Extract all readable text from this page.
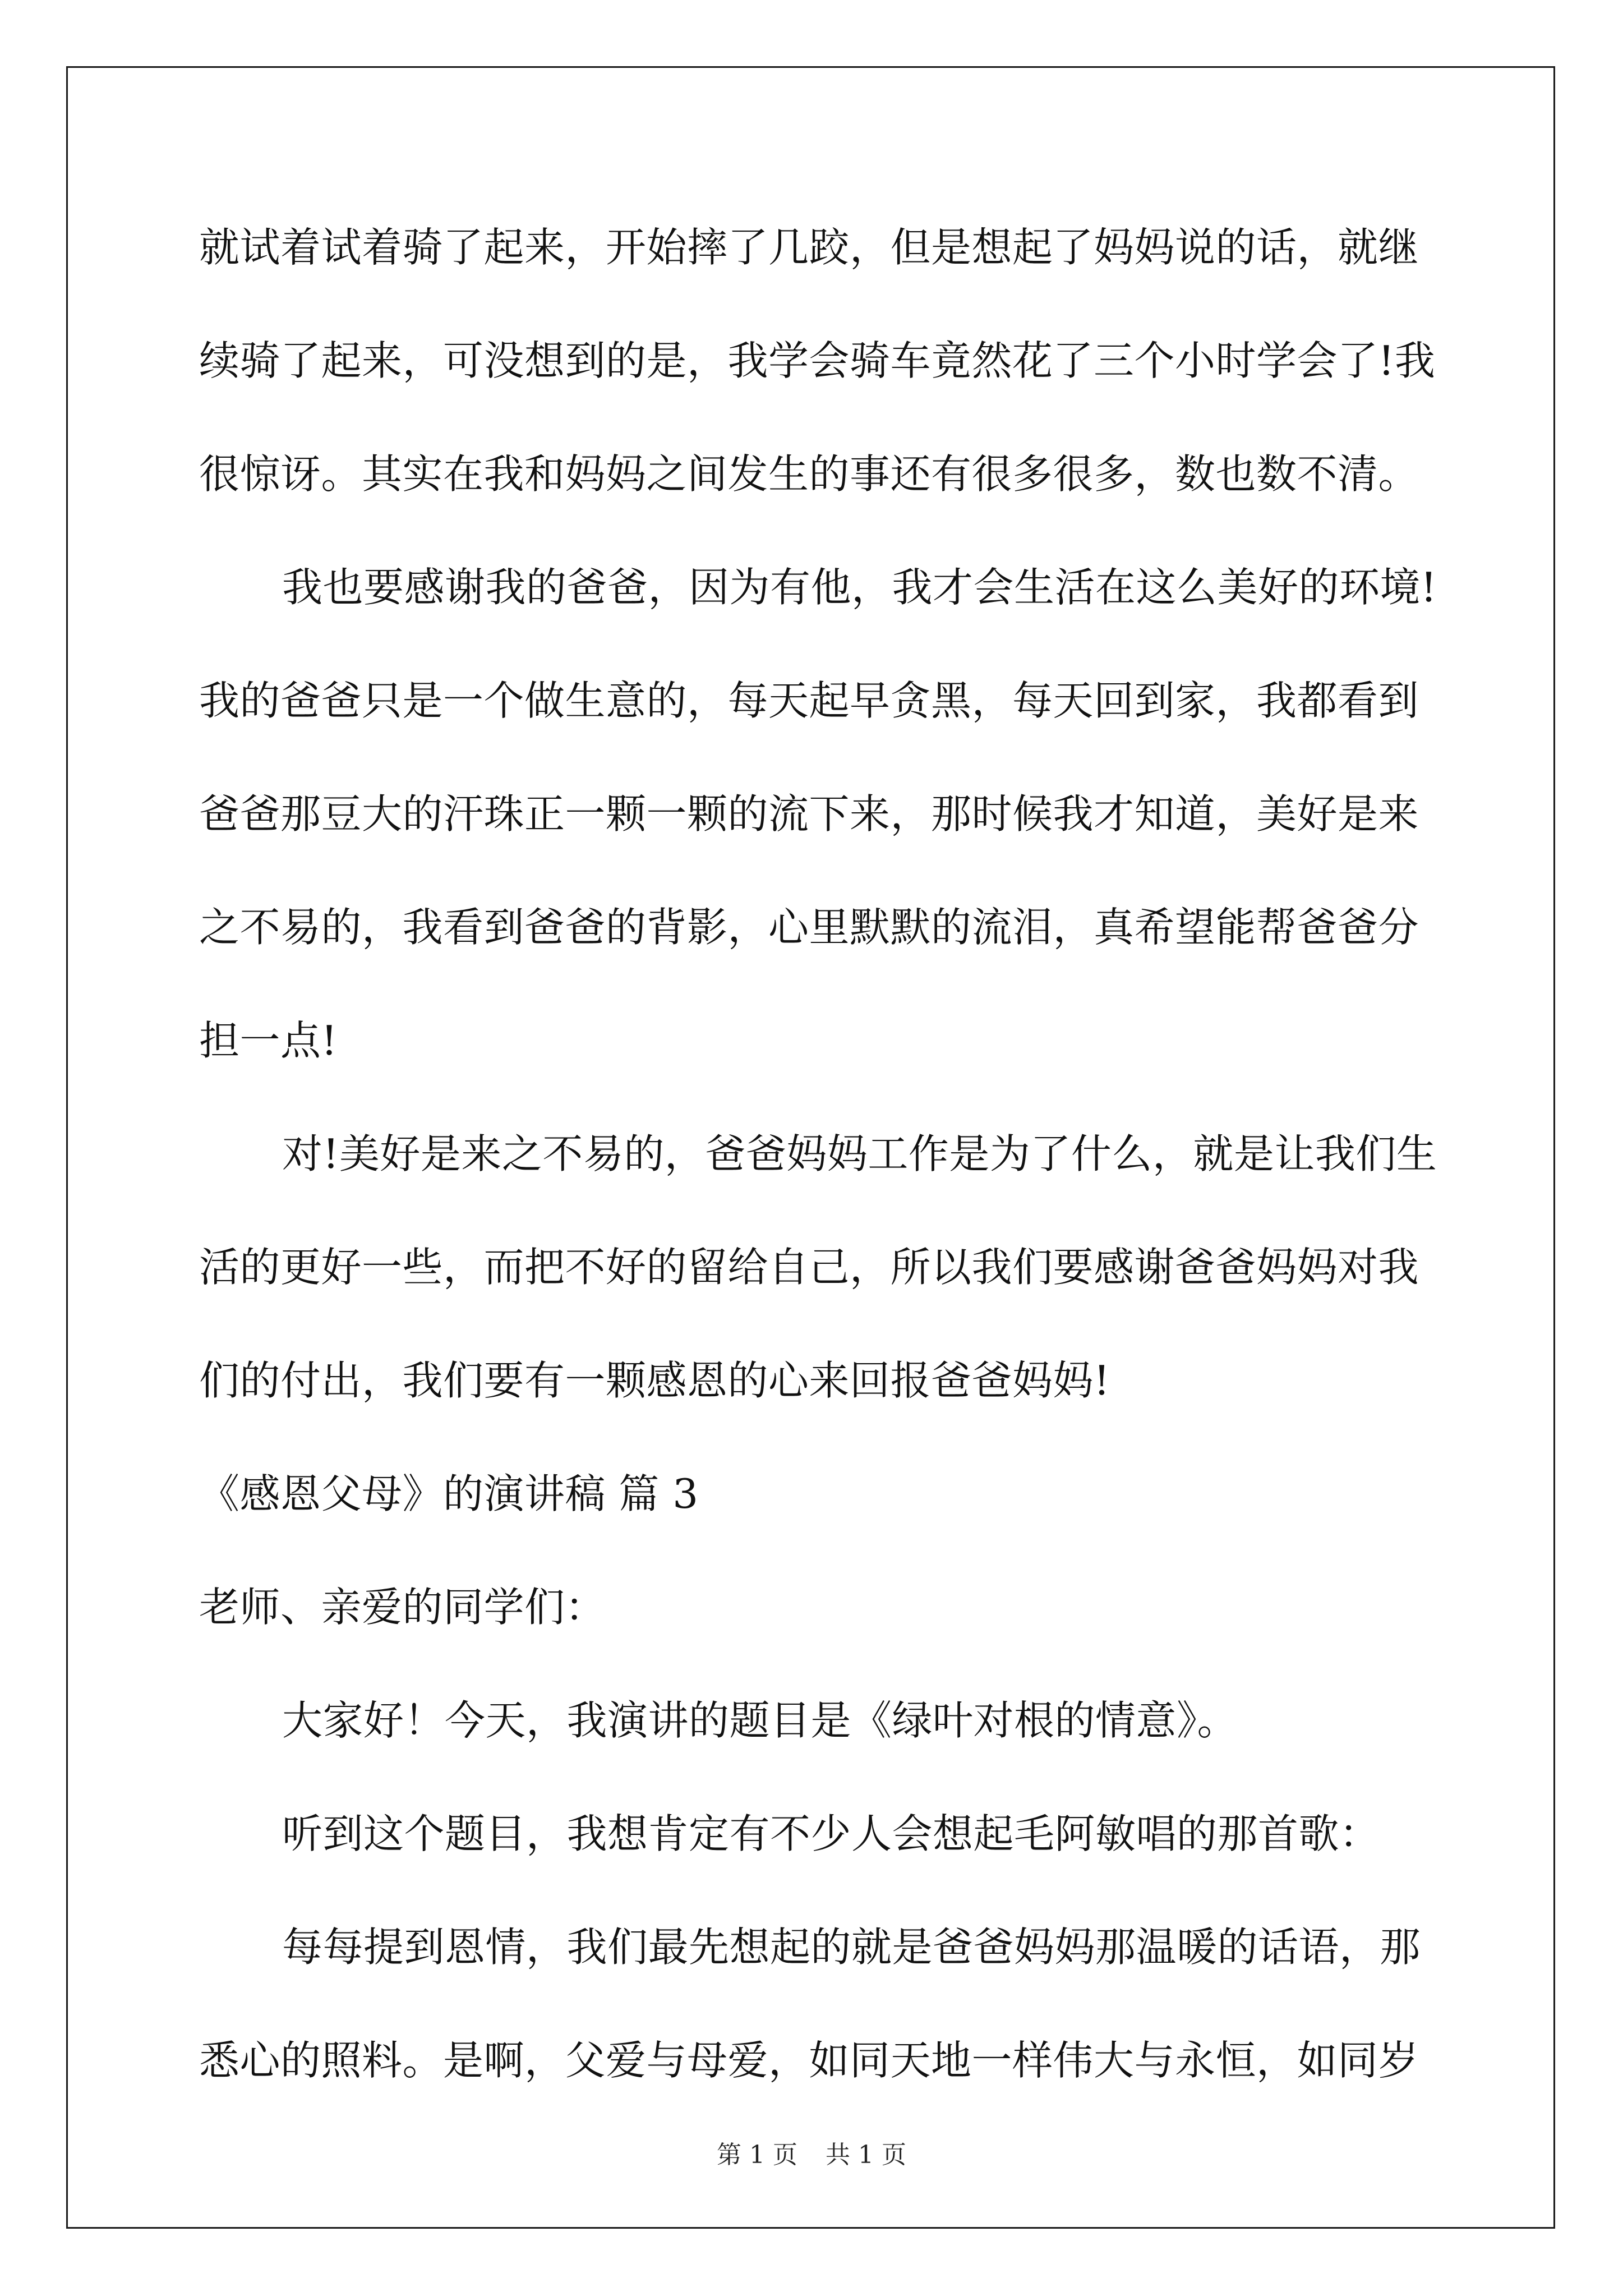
就试着试着骑了起来，开始摔了几跤，但是想起了妈妈说的话，就继
续骑了起来，可没想到的是，我学会骑车竟然花了三个小时学会了!我
很惊讶。其实在我和妈妈之间发生的事还有很多很多，数也数不清。
我也要感谢我的爸爸，因为有他，我才会生活在这么美好的环境!
我的爸爸只是一个做生意的，每天起早贪黑，每天回到家，我都看到
爸爸那豆大的汗珠正一颗一颗的流下来，那时候我才知道，美好是来
之不易的，我看到爸爸的背影，心里默默的流泪，真希望能帮爸爸分
担一点!
对!美好是来之不易的，爸爸妈妈工作是为了什么，就是让我们生
活的更好一些，而把不好的留给自己，所以我们要感谢爸爸妈妈对我
们的付出，我们要有一颗感恩的心来回报爸爸妈妈!
《感恩父母》的演讲稿 篇 3
老师、亲爱的同学们：
大家好！今天，我演讲的题目是《绿叶对根的情意》。
听到这个题目，我想肯定有不少人会想起毛阿敏唱的那首歌：
每每提到恩情，我们最先想起的就是爸爸妈妈那温暖的话语，那
悉心的照料。是啊，父爱与母爱，如同天地一样伟大与永恒，如同岁
第 1 页 共 1 页
